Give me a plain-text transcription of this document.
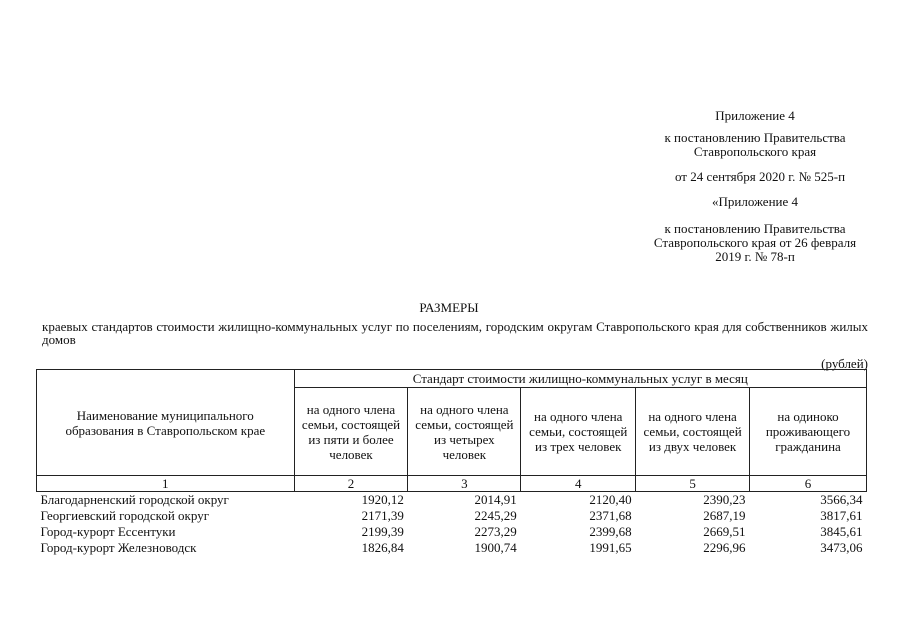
Приложение 4
к постановлению Правительства Ставропольского края
от 24 сентября 2020 г. № 525-п
«Приложение 4
к постановлению Правительства Ставропольского края от 26 февраля 2019 г. № 78-п
РАЗМЕРЫ
краевых стандартов стоимости жилищно-коммунальных услуг по поселениям, городским округам Ставропольского края для собственников жилых домов
(рублей)
Наименование муниципального образования в Ставропольском крае	Стандарт стоимости жилищно-коммунальных услуг в месяц				
	на одного члена семьи, состоящей из пяти и более человек	на одного члена семьи, состоящей из четырех человек	на одного члена семьи, состоящей из трех человек	на одного члена семьи, состоящей из двух человек	на одиноко проживающего гражданина
1	2	3	4	5	6
Благодарненский городской округ	1920,12	2014,91	2120,40	2390,23	3566,34
Георгиевский городской округ	2171,39	2245,29	2371,68	2687,19	3817,61
Город-курорт Ессентуки	2199,39	2273,29	2399,68	2669,51	3845,61
Город-курорт Железноводск	1826,84	1900,74	1991,65	2296,96	3473,06
